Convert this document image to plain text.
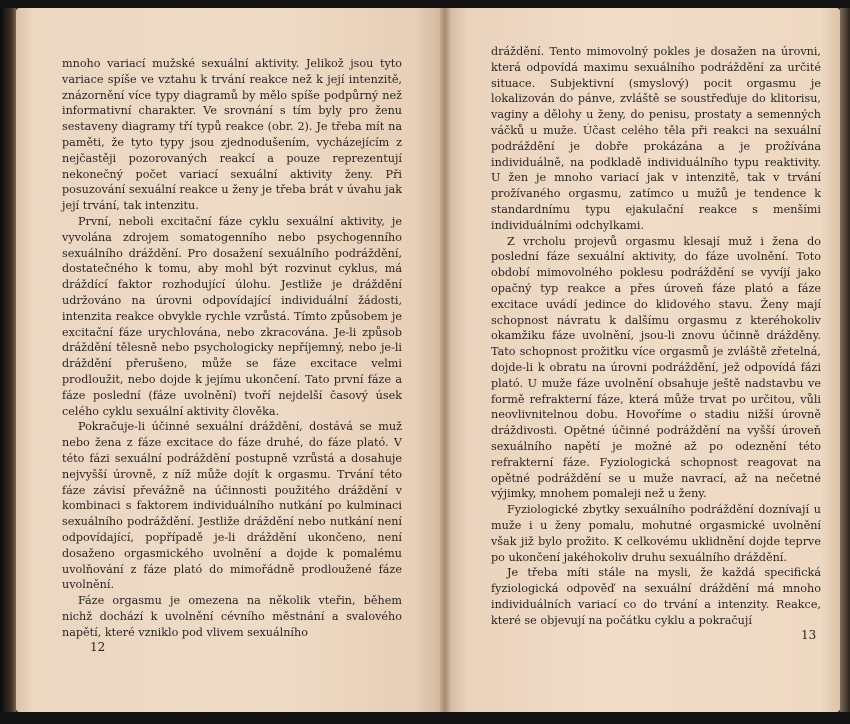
mnoho variací mužské sexuální aktivity. Jelikož jsou tyto variace spíše ve vztahu k trvání reakce než k její intenzitě, znázornění více typy diagramů by mělo spíše podpůrný než informativní charakter. Ve srovnání s tím byly pro ženu sestaveny diagramy tří typů reakce (obr. 2). Je třeba mít na paměti, že tyto typy jsou zjednodušením, vycházejícím z nejčastěji pozorovaných reakcí a pouze reprezentují nekonečný počet variací sexuální aktivity ženy. Při posuzování sexuální reakce u ženy je třeba brát v úvahu jak její trvání, tak intenzitu.

První, neboli excitační fáze cyklu sexuální aktivity, je vyvolána zdrojem somatogenního nebo psychogenního sexuálního dráždění. Pro dosažení sexuálního podráždění, dostatečného k tomu, aby mohl být rozvinut cyklus, má dráždící faktor rozhodující úlohu. Jestliže je dráždění udržováno na úrovni odpovídající individuální žádosti, intenzita reakce obvykle rychle vzrůstá. Tímto způsobem je excitační fáze urychlována, nebo zkracována. Je-li způsob dráždění tělesně nebo psychologicky nepříjemný, nebo je-li dráždění přerušeno, může se fáze excitace velmi prodloužit, nebo dojde k jejímu ukončení. Tato první fáze a fáze poslední (fáze uvolnění) tvoří nejdelší časový úsek celého cyklu sexuální aktivity člověka.

Pokračuje-li účinné sexuální dráždění, dostává se muž nebo žena z fáze excitace do fáze druhé, do fáze plató. V této fázi sexuální podráždění postupně vzrůstá a dosahuje nejvyšší úrovně, z níž může dojít k orgasmu. Trvání této fáze závisí převážně na účinnosti použitého dráždění v kombinaci s faktorem individuálního nutkání po kulminaci sexuálního podráždění. Jestliže dráždění nebo nutkání není odpovídající, popřípadě je-li dráždění ukončeno, není dosaženo orgasmického uvolnění a dojde k pomalému uvolňování z fáze plató do mimořádně prodloužené fáze uvolnění.

Fáze orgasmu je omezena na několik vteřin, během nichž dochází k uvolnění cévního městnání a svalového napětí, které vzniklo pod vlivem sexuálního

12

dráždění. Tento mimovolný pokles je dosažen na úrovni, která odpovídá maximu sexuálního podráždění za určité situace. Subjektivní (smyslový) pocit orgasmu je lokalizován do pánve, zvláště se soustřeďuje do klitorisu, vaginy a dělohy u ženy, do penisu, prostaty a semenných váčků u muže. Účast celého těla při reakci na sexuální podráždění je dobře prokázána a je prožívána individuálně, na podkladě individuálního typu reaktivity. U žen je mnoho variací jak v intenzitě, tak v trvání prožívaného orgasmu, zatímco u mužů je tendence k standardnímu typu ejakulační reakce s menšími individuálními odchylkami.

Z vrcholu projevů orgasmu klesají muž i žena do poslední fáze sexuální aktivity, do fáze uvolnění. Toto období mimovolného poklesu podráždění se vyvíjí jako opačný typ reakce a přes úroveň fáze plató a fáze excitace uvádí jedince do klidového stavu. Ženy mají schopnost návratu k dalšímu orgasmu z kteréhokoliv okamžiku fáze uvolnění, jsou-li znovu účinně drážděny. Tato schopnost prožitku více orgasmů je zvláště zřetelná, dojde-li k obratu na úrovni podráždění, jež odpovídá fázi plató. U muže fáze uvolnění obsahuje ještě nadstavbu ve formě refrakterní fáze, která může trvat po určitou, vůli neovlivnitelnou dobu. Hovoříme o stadiu nižší úrovně dráždivosti. Opětné účinné podráždění na vyšší úroveň sexuálního napětí je možné až po odeznění této refrakterní fáze. Fyziologická schopnost reagovat na opětné podráždění se u muže navrací, až na nečetné výjimky, mnohem pomaleji než u ženy.

Fyziologické zbytky sexuálního podráždění doznívají u muže i u ženy pomalu, mohutné orgasmické uvolnění však již bylo prožito. K celkovému uklidnění dojde teprve po ukončení jakéhokoliv druhu sexuálního dráždění.

Je třeba míti stále na mysli, že každá specifická fyziologická odpověď na sexuální dráždění má mnoho individuálních variací co do trvání a intenzity. Reakce, které se objevují na počátku cyklu a pokračují

13
